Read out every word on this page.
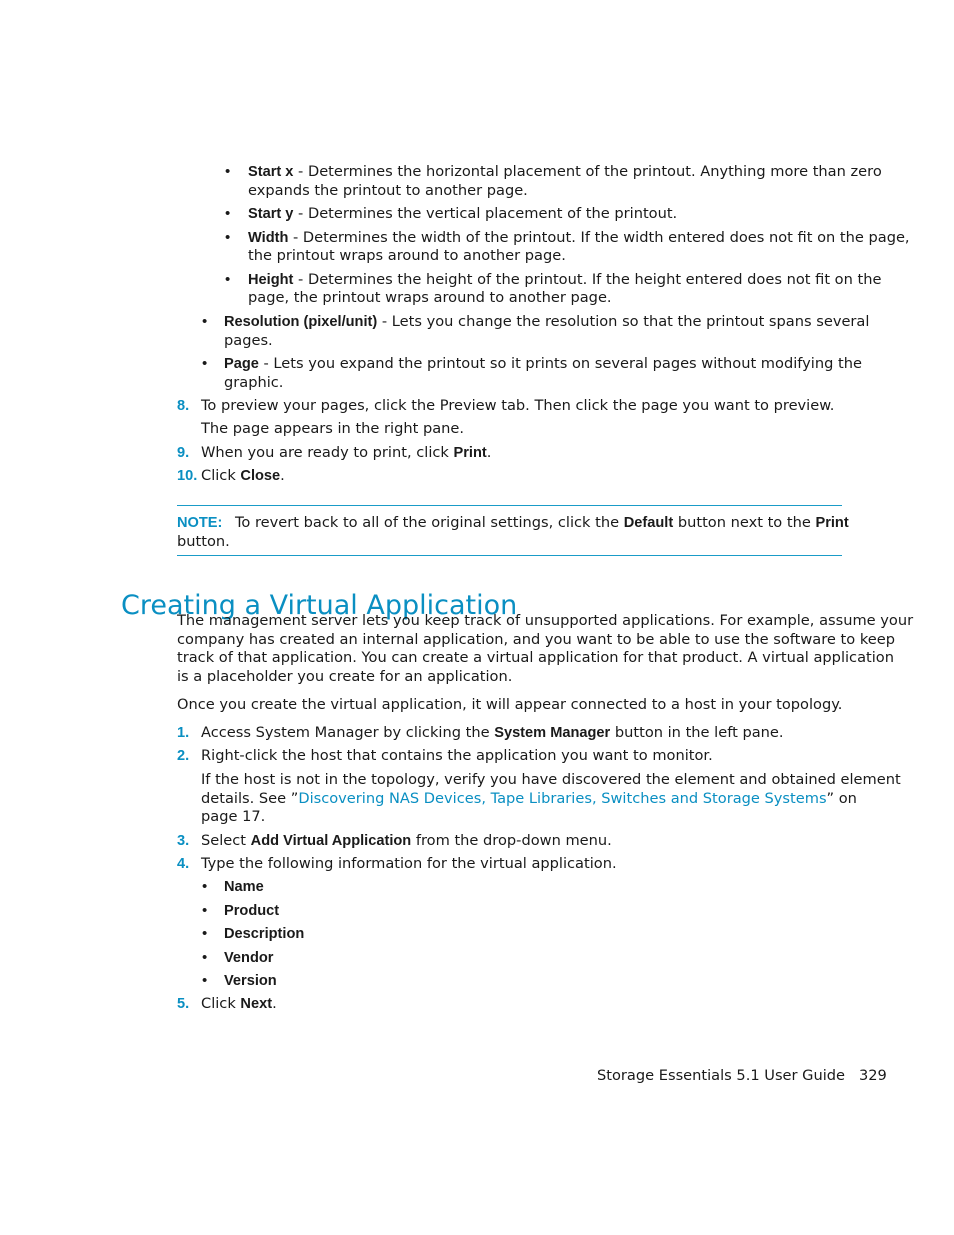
• Start x - Determines the horizontal placement of the printout. Anything more than zero
expands the printout to another page.
• Start y - Determines the vertical placement of the printout.
• Width - Determines the width of the printout. If the width entered does not fit on the page,
the printout wraps around to another page.
• Height - Determines the height of the printout. If the height entered does not fit on the
page, the printout wraps around to another page.
• Resolution (pixel/unit) - Lets you change the resolution so that the printout spans several
pages.
• Page - Lets you expand the printout so it prints on several pages without modifying the
graphic.
8. To preview your pages, click the Preview tab. Then click the page you want to preview.
The page appears in the right pane.
9. When you are ready to print, click Print.
10. Click Close.
NOTE: To revert back to all of the original settings, click the Default button next to the Print
button.
Creating a Virtual Application
The management server lets you keep track of unsupported applications. For example, assume your
company has created an internal application, and you want to be able to use the software to keep
track of that application. You can create a virtual application for that product. A virtual application
is a placeholder you create for an application.
Once you create the virtual application, it will appear connected to a host in your topology.
1. Access System Manager by clicking the System Manager button in the left pane.
2. Right-click the host that contains the application you want to monitor.
If the host is not in the topology, verify you have discovered the element and obtained element
details. See ”Discovering NAS Devices, Tape Libraries, Switches and Storage Systems” on
page 17.
3. Select Add Virtual Application from the drop-down menu.
4. Type the following information for the virtual application.
• Name
• Product
• Description
• Vendor
• Version
5. Click Next.
Storage Essentials 5.1 User Guide 329
